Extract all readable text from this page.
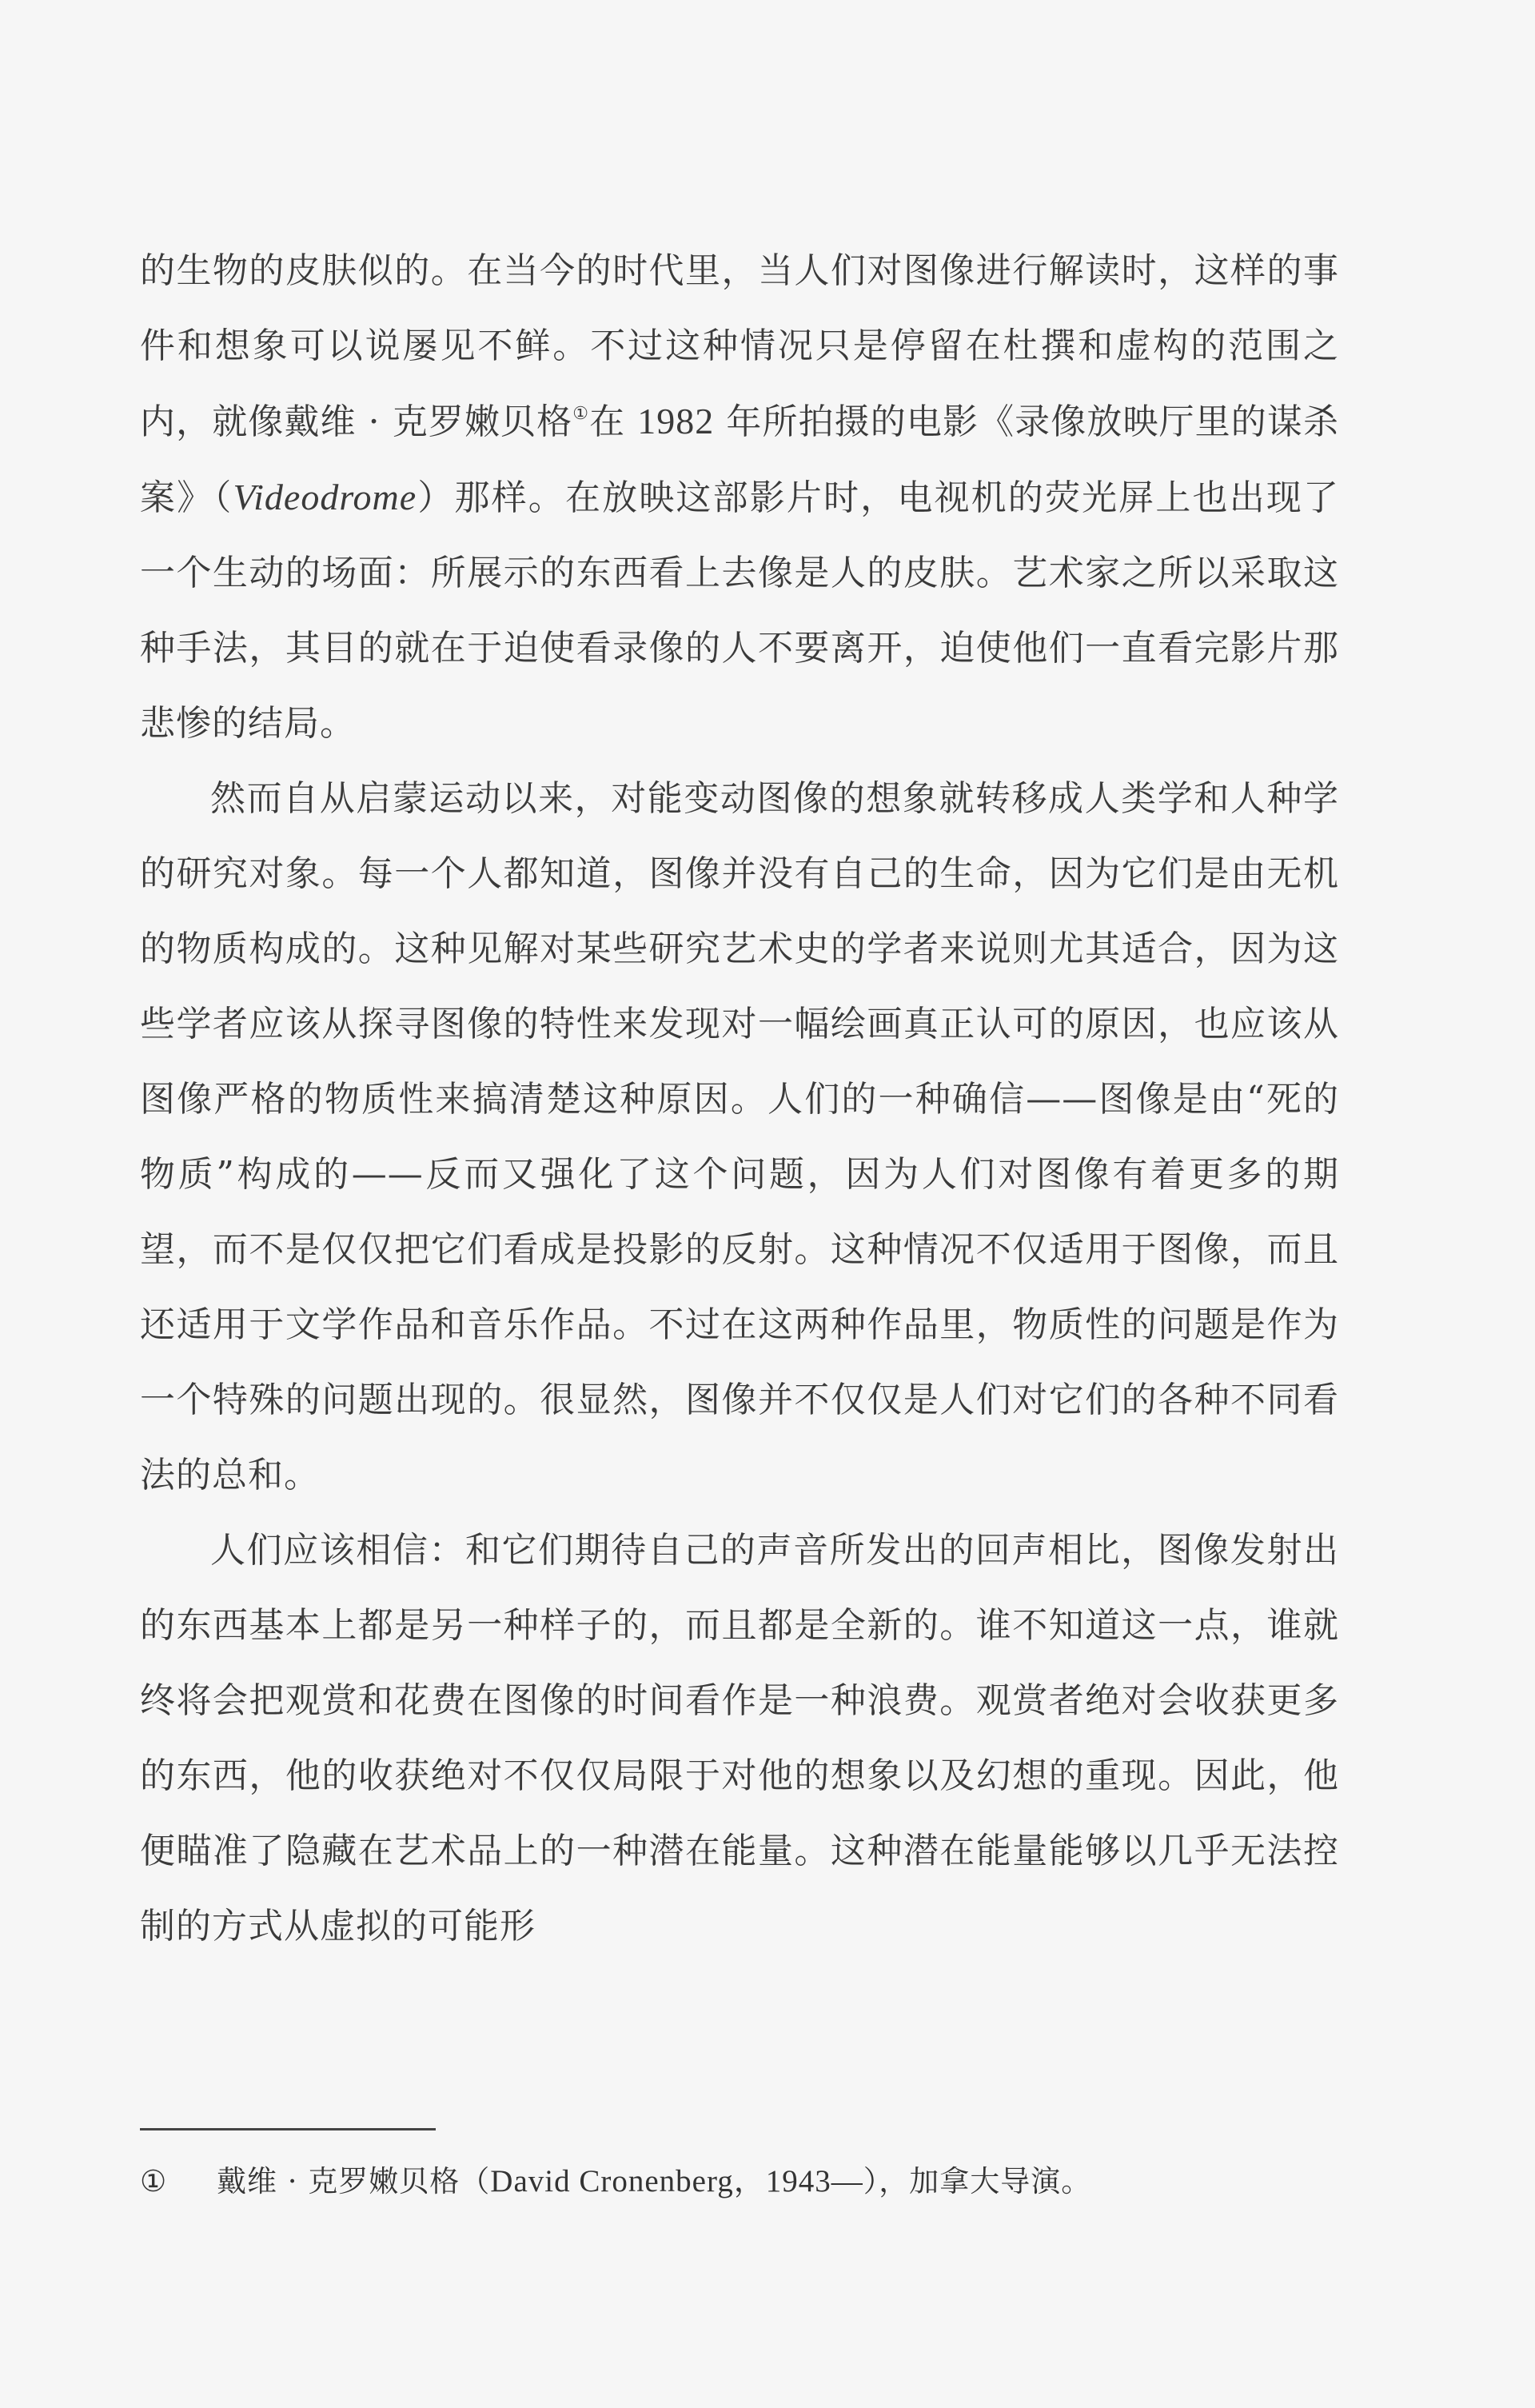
的生物的皮肤似的。在当今的时代里，当人们对图像进行解读时，这样的事件和想象可以说屡见不鲜。不过这种情况只是停留在杜撰和虚构的范围之内，就像戴维 · 克罗嫩贝格①在 1982 年所拍摄的电影《录像放映厅里的谋杀案》（Videodrome）那样。在放映这部影片时，电视机的荧光屏上也出现了一个生动的场面：所展示的东西看上去像是人的皮肤。艺术家之所以采取这种手法，其目的就在于迫使看录像的人不要离开，迫使他们一直看完影片那悲惨的结局。

然而自从启蒙运动以来，对能变动图像的想象就转移成人类学和人种学的研究对象。每一个人都知道，图像并没有自己的生命，因为它们是由无机的物质构成的。这种见解对某些研究艺术史的学者来说则尤其适合，因为这些学者应该从探寻图像的特性来发现对一幅绘画真正认可的原因，也应该从图像严格的物质性来搞清楚这种原因。人们的一种确信——图像是由“死的物质”构成的——反而又强化了这个问题，因为人们对图像有着更多的期望，而不是仅仅把它们看成是投影的反射。这种情况不仅适用于图像，而且还适用于文学作品和音乐作品。不过在这两种作品里，物质性的问题是作为一个特殊的问题出现的。很显然，图像并不仅仅是人们对它们的各种不同看法的总和。

人们应该相信：和它们期待自己的声音所发出的回声相比，图像发射出的东西基本上都是另一种样子的，而且都是全新的。谁不知道这一点，谁就终将会把观赏和花费在图像的时间看作是一种浪费。观赏者绝对会收获更多的东西，他的收获绝对不仅仅局限于对他的想象以及幻想的重现。因此，他便瞄准了隐藏在艺术品上的一种潜在能量。这种潜在能量能够以几乎无法控制的方式从虚拟的可能形

① 戴维 · 克罗嫩贝格（David Cronenberg，1943—），加拿大导演。
